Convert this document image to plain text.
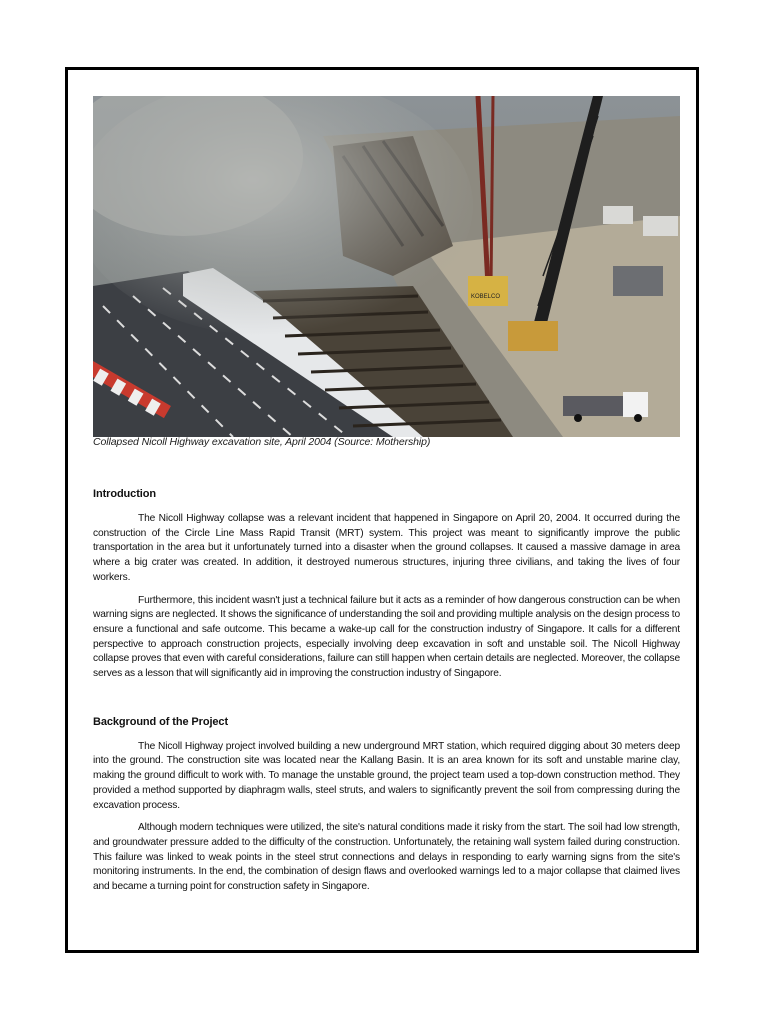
KOBELCO
Collapsed Nicoll Highway excavation site, April 2004 (Source: Mothership)
Introduction

The Nicoll Highway collapse was a relevant incident that happened in Singapore on April 20, 2004. It occurred during the construction of the Circle Line Mass Rapid Transit (MRT) system. This project was meant to significantly improve the public transportation in the area but it unfortunately turned into a disaster when the ground collapses. It caused a massive damage in area where a big crater was created. In addition, it destroyed numerous structures, injuring three civilians, and taking the lives of four workers.

Furthermore, this incident wasn't just a technical failure but it acts as a reminder of how dangerous construction can be when warning signs are neglected. It shows the significance of understanding the soil and providing multiple analysis on the design process to ensure a functional and safe outcome. This became a wake-up call for the construction industry of Singapore. It calls for a different perspective to approach construction projects, especially involving deep excavation in soft and unstable soil. The Nicoll Highway collapse proves that even with careful considerations, failure can still happen when certain details are neglected. Moreover, the collapse serves as a lesson that will significantly aid in improving the construction industry of Singapore.

Background of the Project

The Nicoll Highway project involved building a new underground MRT station, which required digging about 30 meters deep into the ground. The construction site was located near the Kallang Basin. It is an area known for its soft and unstable marine clay, making the ground difficult to work with. To manage the unstable ground, the project team used a top-down construction method. They provided a method supported by diaphragm walls, steel struts, and walers to significantly prevent the soil from compressing during the excavation process.

Although modern techniques were utilized, the site's natural conditions made it risky from the start. The soil had low strength, and groundwater pressure added to the difficulty of the construction. Unfortunately, the retaining wall system failed during construction. This failure was linked to weak points in the steel strut connections and delays in responding to early warning signs from the site's monitoring instruments. In the end, the combination of design flaws and overlooked warnings led to a major collapse that claimed lives and became a turning point for construction safety in Singapore.
